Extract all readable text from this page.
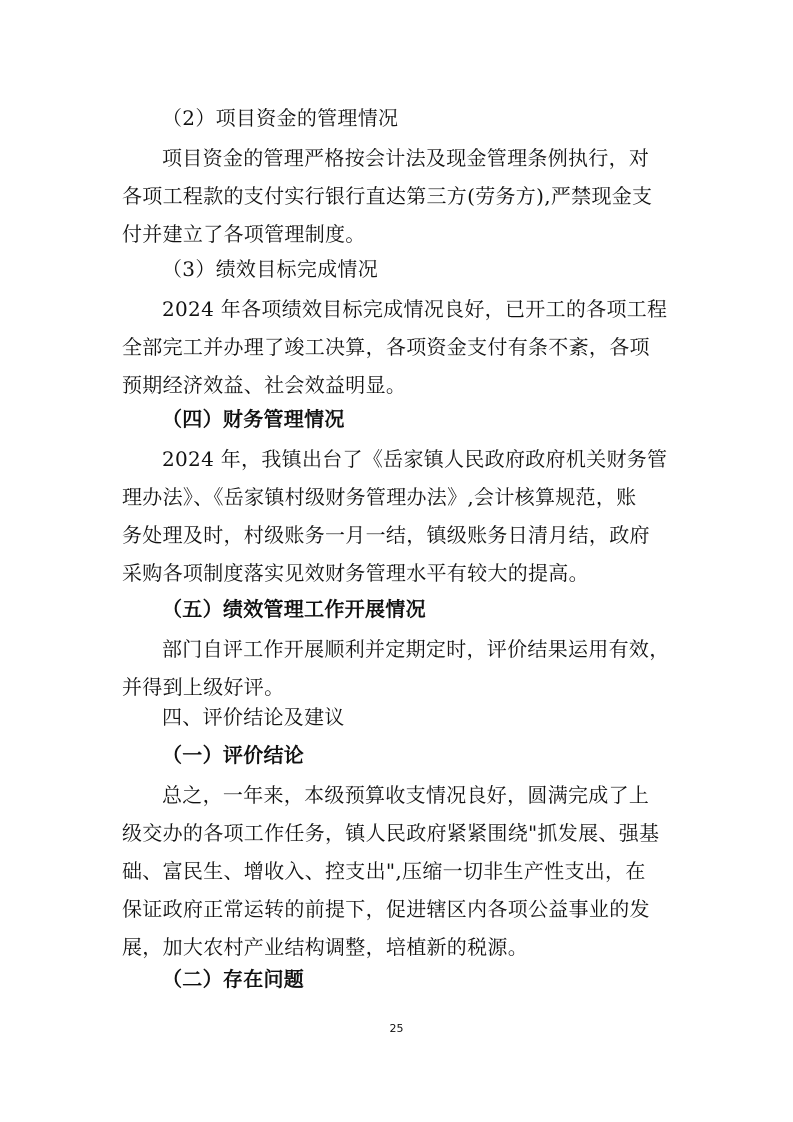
（2）项目资金的管理情况
项目资金的管理严格按会计法及现金管理条例执行，对
各项工程款的支付实行银行直达第三方(劳务方),严禁现金支
付并建立了各项管理制度。
（3）绩效目标完成情况
2024 年各项绩效目标完成情况良好，已开工的各项工程
全部完工并办理了竣工决算，各项资金支付有条不紊，各项
预期经济效益、社会效益明显。
（四）财务管理情况
2024 年，我镇出台了《岳家镇人民政府政府机关财务管
理办法》、《岳家镇村级财务管理办法》,会计核算规范，账
务处理及时，村级账务一月一结，镇级账务日清月结，政府
采购各项制度落实见效财务管理水平有较大的提高。
（五）绩效管理工作开展情况
部门自评工作开展顺利并定期定时，评价结果运用有效，
并得到上级好评。
四、评价结论及建议
（一）评价结论
总之，一年来，本级预算收支情况良好，圆满完成了上
级交办的各项工作任务，镇人民政府紧紧围绕"抓发展、强基
础、富民生、增收入、控支出",压缩一切非生产性支出，在
保证政府正常运转的前提下，促进辖区内各项公益事业的发
展，加大农村产业结构调整，培植新的税源。
（二）存在问题
25
